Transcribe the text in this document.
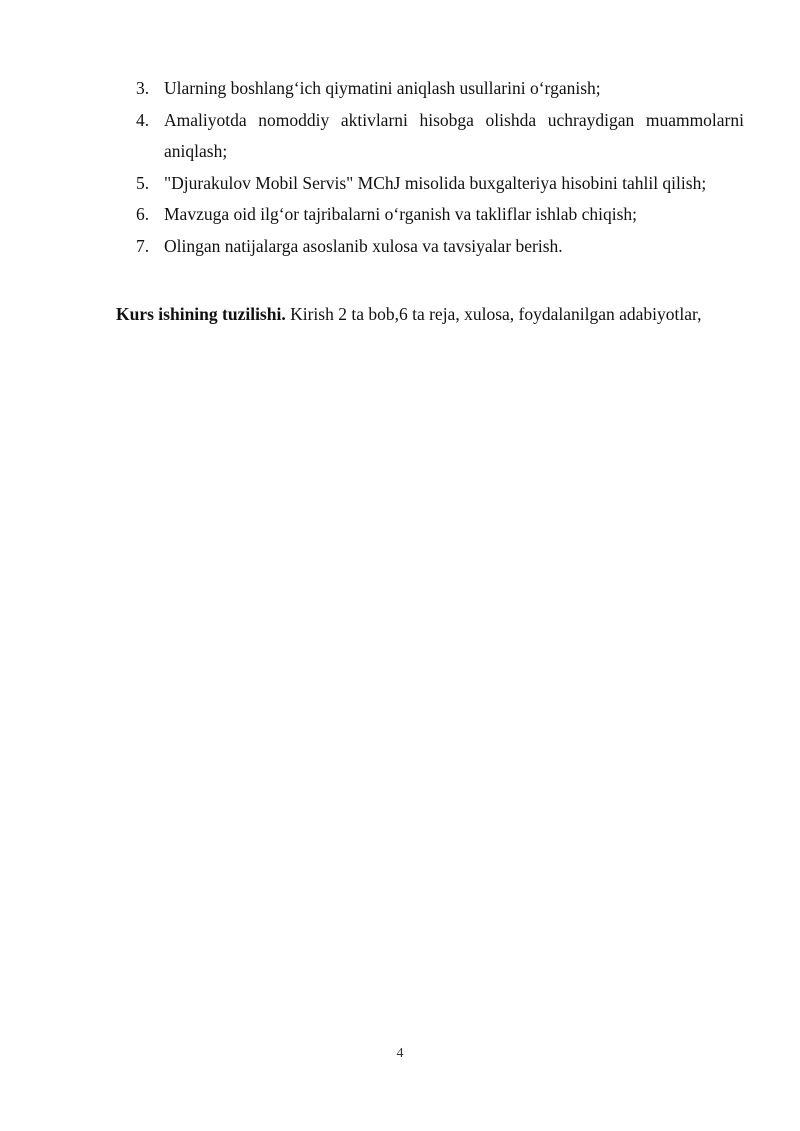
3. Ularning boshlang‘ich qiymatini aniqlash usullarini o‘rganish;
4. Amaliyotda nomoddiy aktivlarni hisobga olishda uchraydigan muammolarni aniqlash;
5. "Djurakulov Mobil Servis" MChJ misolida buxgalteriya hisobini tahlil qilish;
6. Mavzuga oid ilg‘or tajribalarni o‘rganish va takliflar ishlab chiqish;
7. Olingan natijalarga asoslanib xulosa va tavsiyalar berish.

Kurs ishining tuzilishi. Kirish 2 ta bob,6 ta reja, xulosa, foydalanilgan adabiyotlar,

4
